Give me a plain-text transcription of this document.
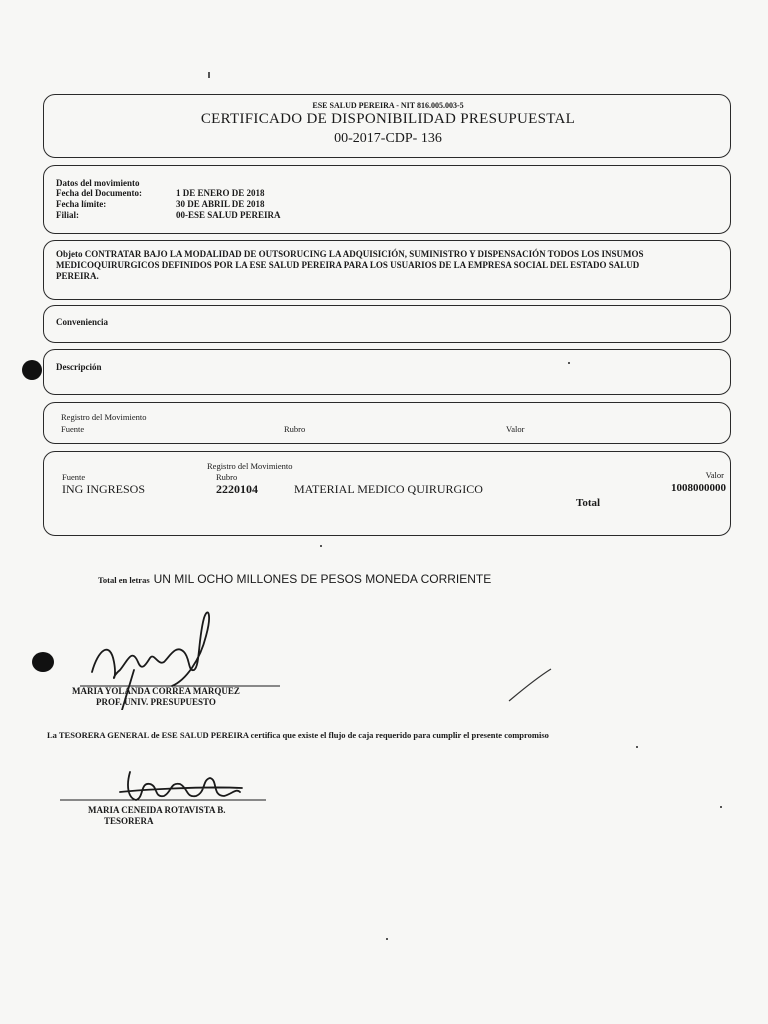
ESE SALUD PEREIRA - NIT 816.005.003-5
CERTIFICADO DE DISPONIBILIDAD PRESUPUESTAL
00-2017-CDP- 136
Datos del movimiento
Fecha del Documento:	1 DE ENERO DE 2018
Fecha límite:	30 DE ABRIL DE 2018
Filial:	00-ESE SALUD PEREIRA
Objeto CONTRATAR BAJO LA MODALIDAD DE OUTSORUCING LA ADQUISICIÓN, SUMINISTRO Y DISPENSACIÓN TODOS LOS INSUMOS
MEDICOQUIRURGICOS DEFINIDOS POR LA ESE SALUD PEREIRA PARA LOS USUARIOS DE LA EMPRESA SOCIAL DEL ESTADO SALUD
PEREIRA.
Conveniencia
Descripción
Registro del Movimiento
Fuente	Rubro	Valor
Registro del Movimiento
Fuente	Rubro	Valor
ING INGRESOS	2220104	MATERIAL MEDICO QUIRURGICO	1008000000
Total
Total en letras UN MIL OCHO MILLONES DE PESOS MONEDA CORRIENTE
MARIA YOLANDA CORREA MARQUEZ
PROF. UNIV. PRESUPUESTO
La TESORERA GENERAL de ESE SALUD PEREIRA certifica que existe el flujo de caja requerido para cumplir el presente compromiso
MARIA CENEIDA ROTAVISTA B.
TESORERA
